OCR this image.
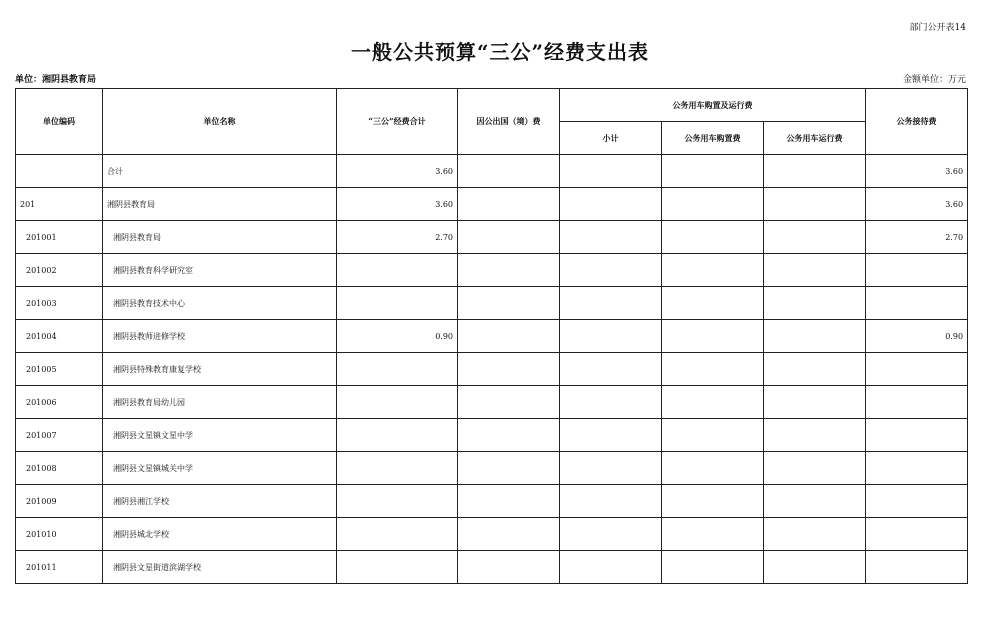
部门公开表14
一般公共预算“三公”经费支出表
单位：湘阴县教育局	金额单位：万元
单位编码	单位名称	“三公”经费合计	因公出国（境）费	公务用车购置及运行费			公务接待费
				小计	公务用车购置费	公务用车运行费	
	合计	3.60					3.60
201	湘阴县教育局	3.60					3.60
201001	湘阴县教育局	2.70					2.70
201002	湘阴县教育科学研究室						
201003	湘阴县教育技术中心						
201004	湘阴县教师进修学校	0.90					0.90
201005	湘阴县特殊教育康复学校						
201006	湘阴县教育局幼儿园						
201007	湘阴县文星镇文星中学						
201008	湘阴县文星镇城关中学						
201009	湘阴县湘江学校						
201010	湘阴县城北学校						
201011	湘阴县文星街道滨湖学校						
